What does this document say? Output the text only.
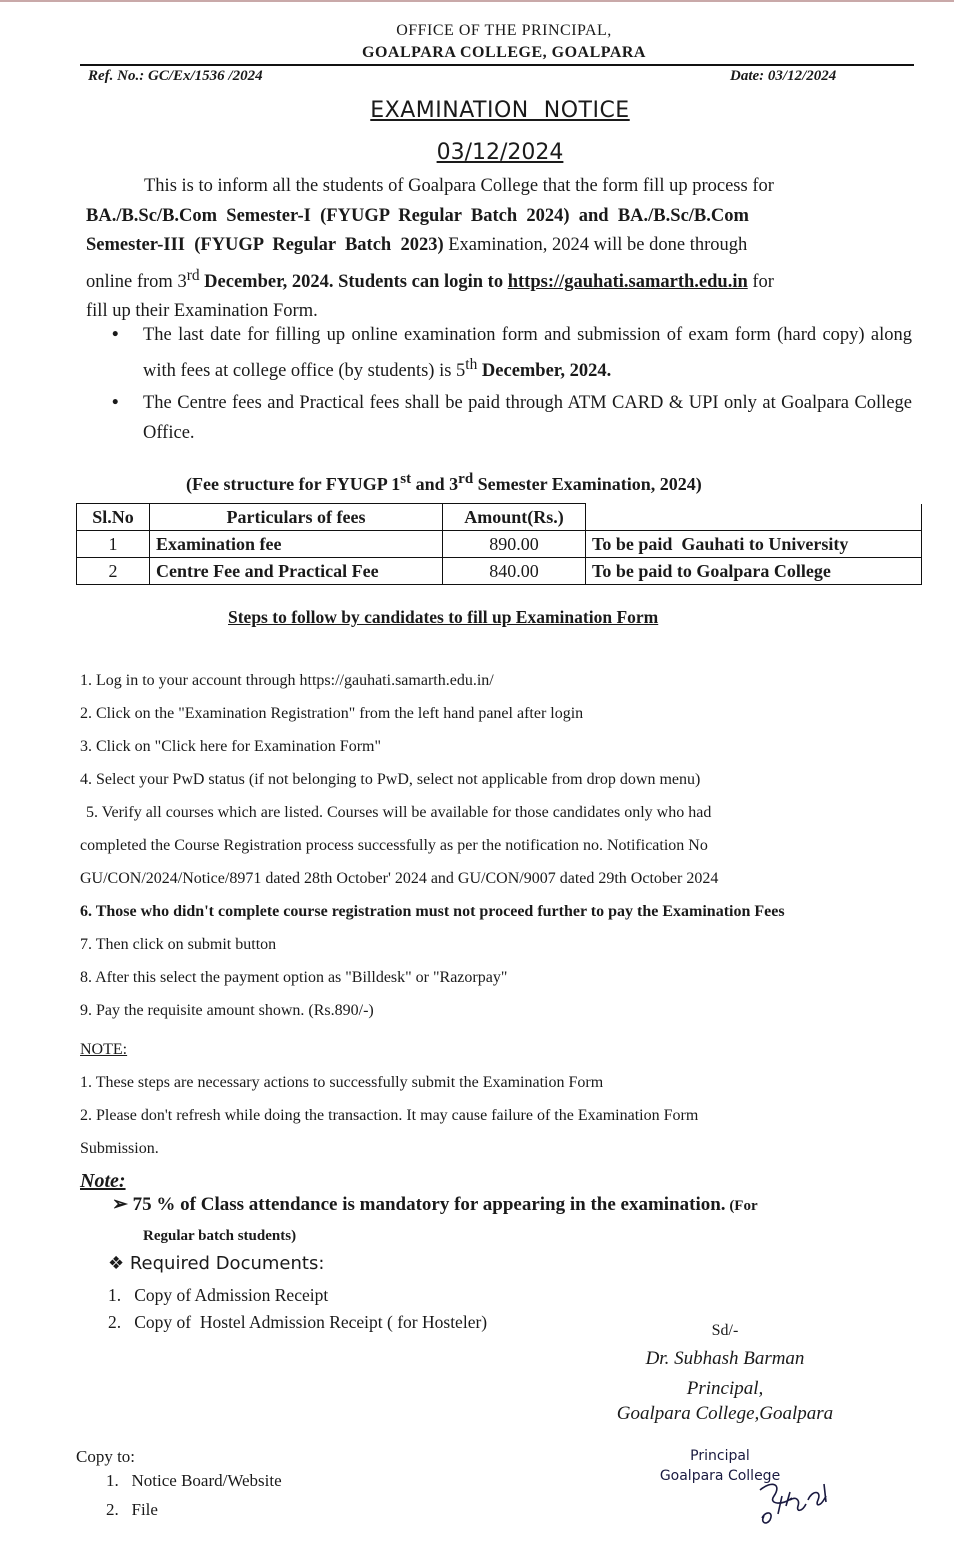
OFFICE OF THE PRINCIPAL,
GOALPARA COLLEGE, GOALPARA
Ref. No.: GC/Ex/1536 /2024	Date: 03/12/2024
EXAMINATION  NOTICE
03/12/2024
This is to inform all the students of Goalpara College that the form fill up process for
BA./B.Sc/B.Com  Semester-I  (FYUGP  Regular  Batch  2024)  and  BA./B.Sc/B.Com
Semester-III  (FYUGP  Regular  Batch  2023) Examination, 2024 will be done through
online from 3rd December, 2024. Students can login to https://gauhati.samarth.edu.in for
fill up their Examination Form.
• The last date for filling up online examination form and submission of exam form (hard copy) along with fees at college office (by students) is 5th December, 2024.
• The Centre fees and Practical fees shall be paid through ATM CARD & UPI only at Goalpara College Office.
(Fee structure for FYUGP 1st and 3rd Semester Examination, 2024)
Sl.No	Particulars of fees	Amount(Rs.)	
1	Examination fee	890.00	To be paid  Gauhati to University
2	Centre Fee and Practical Fee	840.00	To be paid to Goalpara College
Steps to follow by candidates to fill up Examination Form
1. Log in to your account through https://gauhati.samarth.edu.in/
2. Click on the "Examination Registration" from the left hand panel after login
3. Click on "Click here for Examination Form"
4. Select your PwD status (if not belonging to PwD, select not applicable from drop down menu)
5. Verify all courses which are listed. Courses will be available for those candidates only who had
completed the Course Registration process successfully as per the notification no. Notification No
GU/CON/2024/Notice/8971 dated 28th October' 2024 and GU/CON/9007 dated 29th October 2024
6. Those who didn't complete course registration must not proceed further to pay the Examination Fees
7. Then click on submit button
8. After this select the payment option as "Billdesk" or "Razorpay"
9. Pay the requisite amount shown. (Rs.890/-)
NOTE:
1. These steps are necessary actions to successfully submit the Examination Form
2. Please don't refresh while doing the transaction. It may cause failure of the Examination Form
Submission.
Note:
➢ 75 % of Class attendance is mandatory for appearing in the examination. (For
Regular batch students)
❖ Required Documents:
1.   Copy of Admission Receipt
2.   Copy of  Hostel Admission Receipt ( for Hosteler)	Sd/-
Dr. Subhash Barman
Principal,
Goalpara College,Goalpara
Principal
Goalpara College
Copy to:
1.   Notice Board/Website
2.   File
